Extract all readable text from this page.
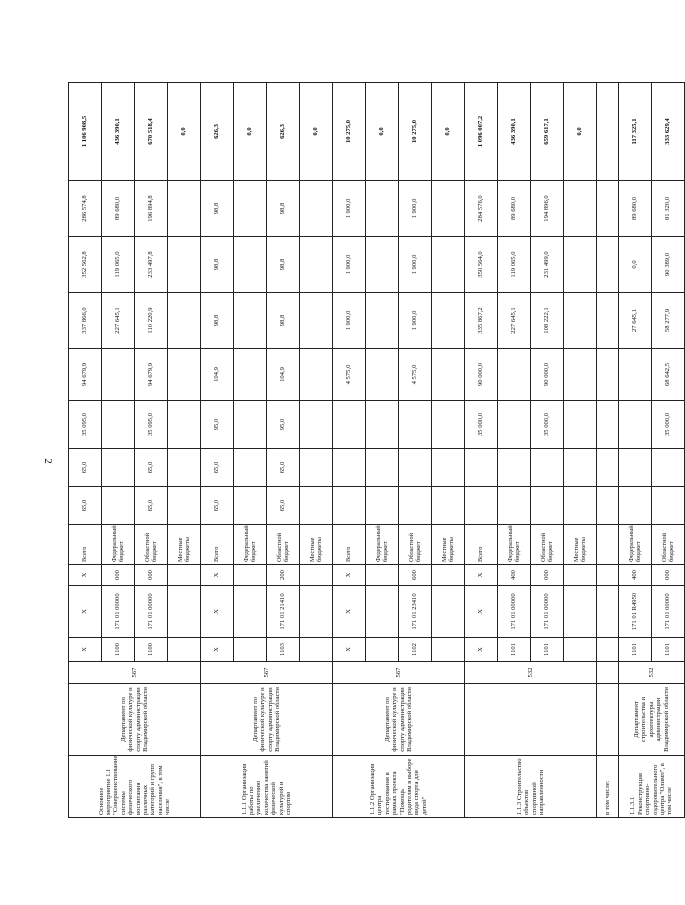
2
Основное мероприятие 1.1 "Совершенствование системы физического воспитания различных категорий и групп населения", в том числе	Департамент по физической культуре и спорту администрации Владимирской области	567	X	X	X	Всего	65,0	65,0	35 095,0	94 679,9	337 866,0	352 562,8	286 574,8	1 106 908,5
			1100	171 01 00000	000	Федеральный бюджет					227 645,1	119 065,0	89 680,0	436 390,1
			1100	171 01 00000	000	Областной бюджет	65,0	65,0	35 095,0	94 679,9	110 220,9	233 497,8	196 894,8	670 518,4
						Местные бюджеты								0,0
1.1.1 Организация работы по увеличению количества занятий физической культурой и спортом	Департамент по физической культуре и спорту администрации Владимирской области	567	X	X	X	Всего	65,0	65,0	95,0	104,9	98,8	98,8	98,8	626,3
						Федеральный бюджет								0,0
			1103	171 01 21410	200	Областной бюджет	65,0	65,0	95,0	104,9	98,8	98,8	98,8	626,3
						Местные бюджеты								0,0
1.1.2 Организация центра тестирования в рамках проекта "Помощь родителям в выборе вида спорта для детей"	Департамент по физической культуре и спорту администрации Владимирской области	567	X	X	X	Всего				4 575,0	1 900,0	1 900,0	1 900,0	10 275,0
						Федеральный бюджет								0,0
			1102	171 01 23410	600	Областной бюджет				4 575,0	1 900,0	1 900,0	1 900,0	10 275,0
						Местные бюджеты								0,0
1.1.3 Строительство объектов спортивной направленности		532	X	X	X	Всего			35 000,0	90 000,0	335 867,2	350 564,0	284 576,0	1 096 007,2
			1101	171 01 00000	400	Федеральный бюджет					227 645,1	119 065,0	89 680,0	436 390,1
			1101	171 01 00000	000	Областной бюджет			35 000,0	90 000,0	108 222,1	231 499,0	194 896,0	659 617,1
						Местные бюджеты								0,0
в том числе:														
1.1.3.1 Реконструкция спортивно-оздоровительного центра "Олимп", в том числе	Департамент строительства и архитектуры администрации Владимирской области	532	1101	171 01 R4950	400	Федеральный бюджет					27 645,1	0,0	89 680,0	117 325,1
			1101	171 01 00000	000	Областной бюджет			35 000,0	68 642,5	58 277,9	90 389,0	81 320,0	333 629,4
